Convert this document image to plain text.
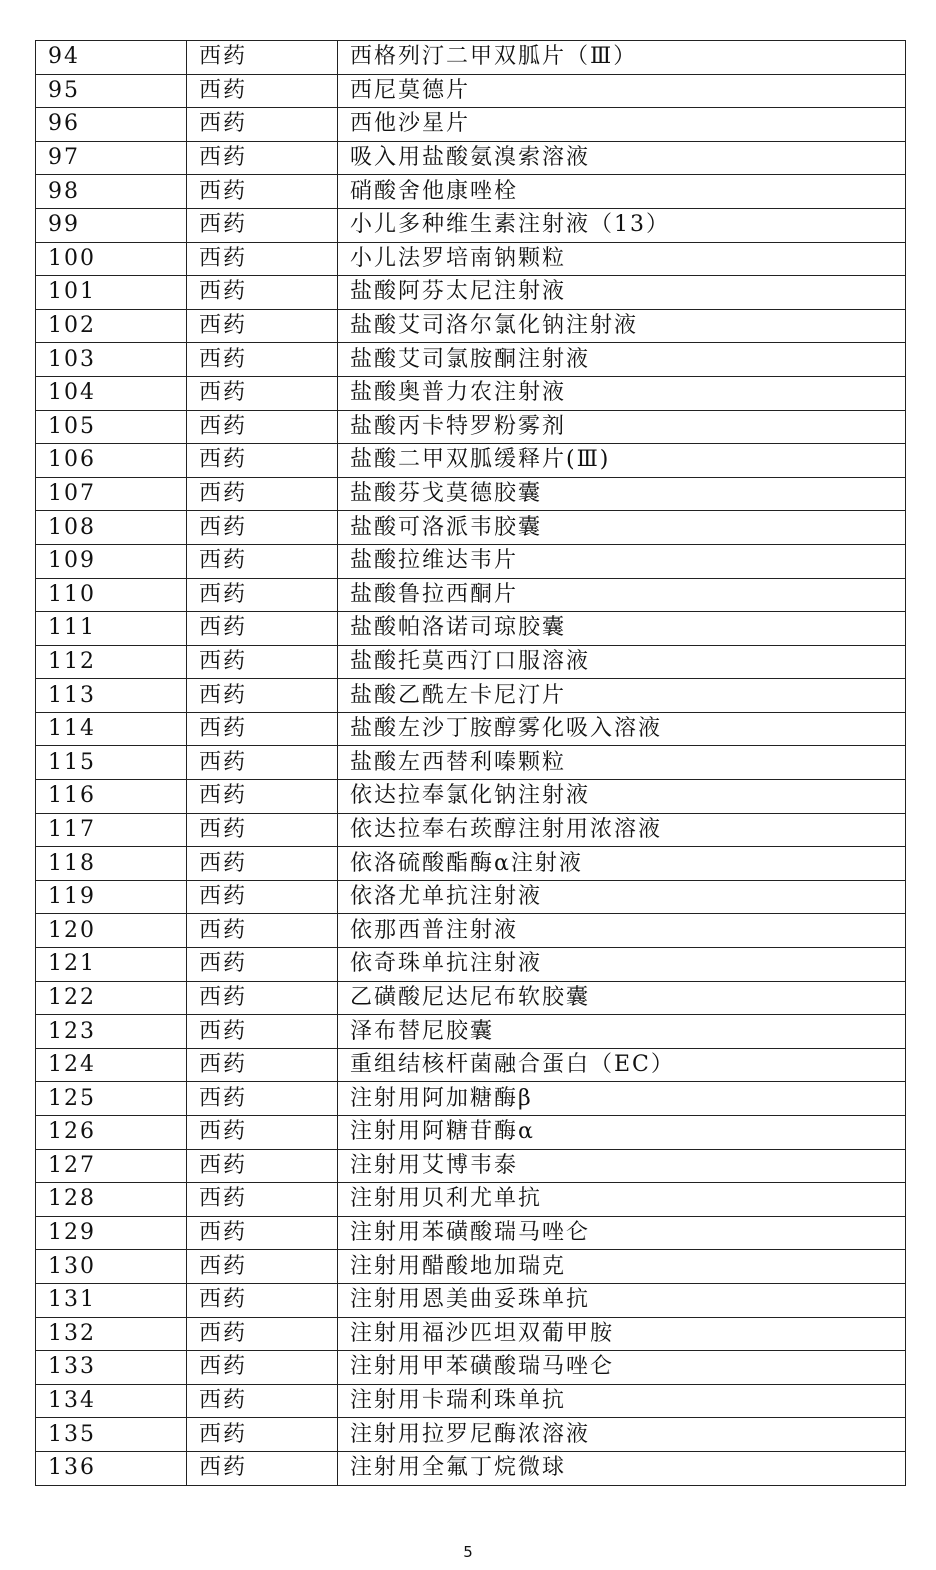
94	西药	西格列汀二甲双胍片（Ⅲ）
95	西药	西尼莫德片
96	西药	西他沙星片
97	西药	吸入用盐酸氨溴索溶液
98	西药	硝酸舍他康唑栓
99	西药	小儿多种维生素注射液（13）
100	西药	小儿法罗培南钠颗粒
101	西药	盐酸阿芬太尼注射液
102	西药	盐酸艾司洛尔氯化钠注射液
103	西药	盐酸艾司氯胺酮注射液
104	西药	盐酸奥普力农注射液
105	西药	盐酸丙卡特罗粉雾剂
106	西药	盐酸二甲双胍缓释片(Ⅲ)
107	西药	盐酸芬戈莫德胶囊
108	西药	盐酸可洛派韦胶囊
109	西药	盐酸拉维达韦片
110	西药	盐酸鲁拉西酮片
111	西药	盐酸帕洛诺司琼胶囊
112	西药	盐酸托莫西汀口服溶液
113	西药	盐酸乙酰左卡尼汀片
114	西药	盐酸左沙丁胺醇雾化吸入溶液
115	西药	盐酸左西替利嗪颗粒
116	西药	依达拉奉氯化钠注射液
117	西药	依达拉奉右莰醇注射用浓溶液
118	西药	依洛硫酸酯酶α注射液
119	西药	依洛尤单抗注射液
120	西药	依那西普注射液
121	西药	依奇珠单抗注射液
122	西药	乙磺酸尼达尼布软胶囊
123	西药	泽布替尼胶囊
124	西药	重组结核杆菌融合蛋白（EC）
125	西药	注射用阿加糖酶β
126	西药	注射用阿糖苷酶α
127	西药	注射用艾博韦泰
128	西药	注射用贝利尤单抗
129	西药	注射用苯磺酸瑞马唑仑
130	西药	注射用醋酸地加瑞克
131	西药	注射用恩美曲妥珠单抗
132	西药	注射用福沙匹坦双葡甲胺
133	西药	注射用甲苯磺酸瑞马唑仑
134	西药	注射用卡瑞利珠单抗
135	西药	注射用拉罗尼酶浓溶液
136	西药	注射用全氟丁烷微球
5
